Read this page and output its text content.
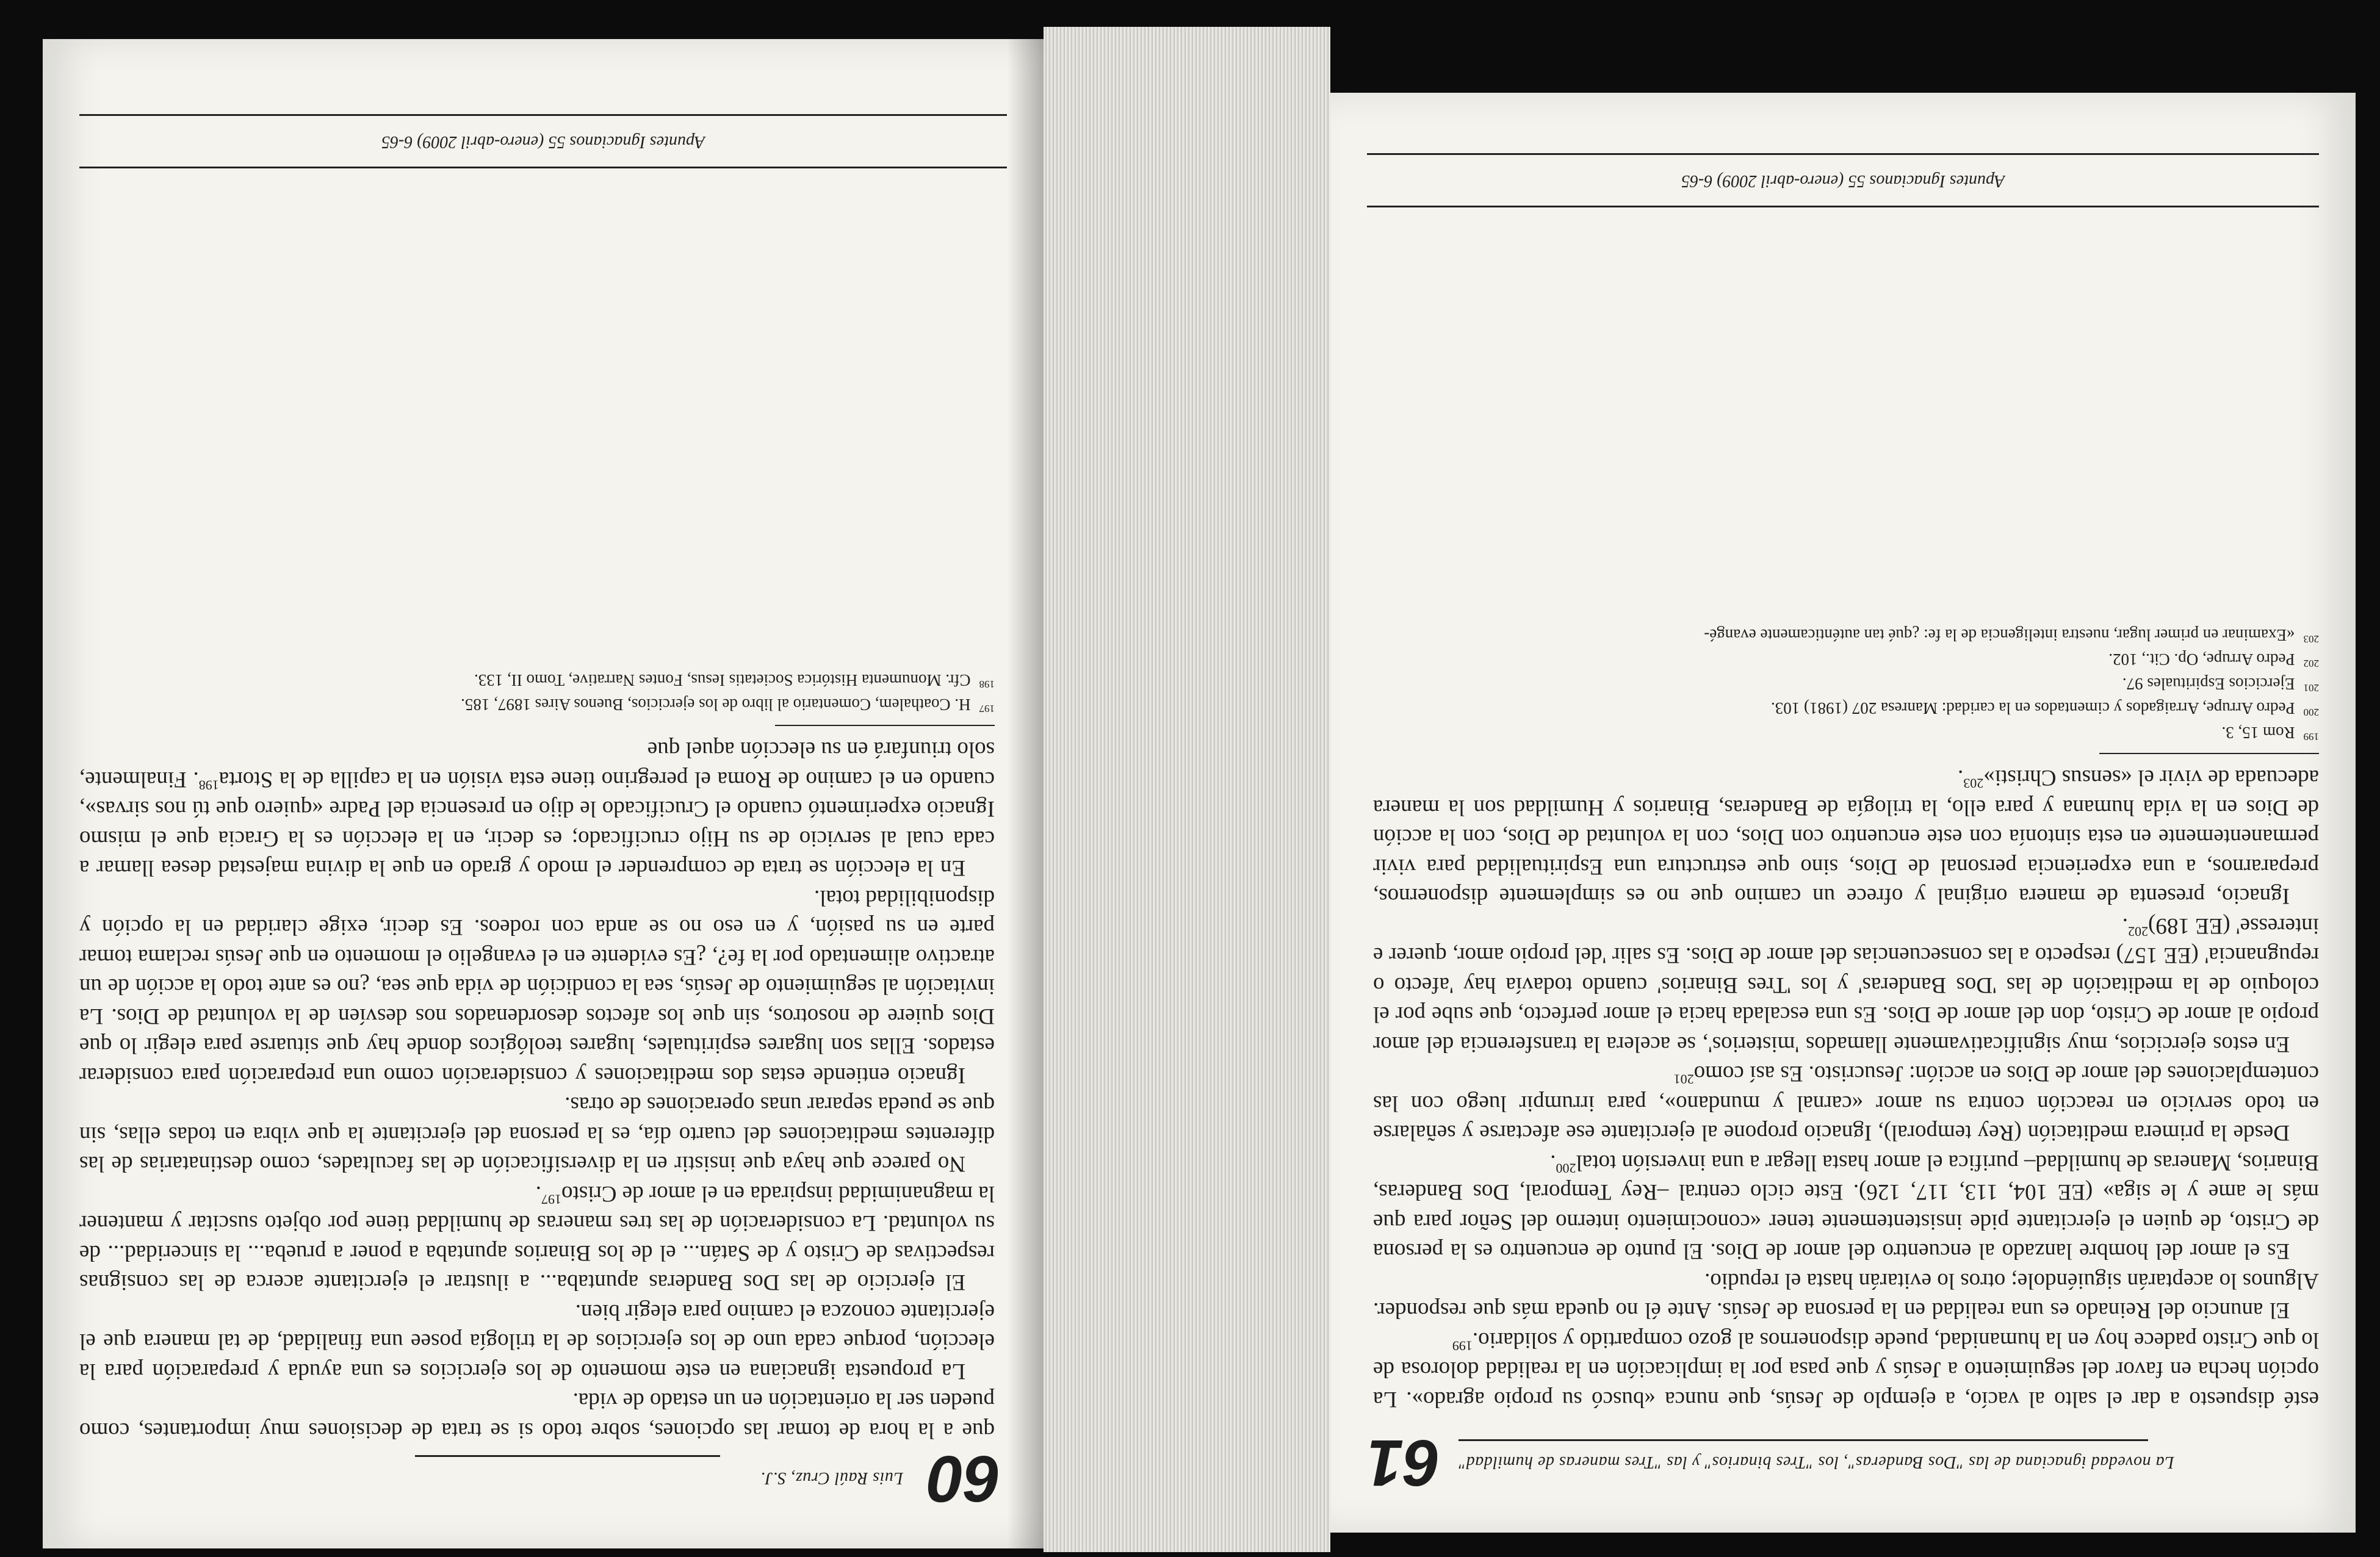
60
Luis Raúl Cruz, S.J.

que a la hora de tomar las opciones, sobre todo si se trata de decisiones muy importantes, como pueden ser la orientación en un estado de vida.

La propuesta ignaciana en este momento de los ejercicios es una ayuda y preparación para la elección, porque cada uno de los ejercicios de la trilogía posee una finalidad, de tal manera que el ejercitante conozca el camino para elegir bien.

El ejercicio de las Dos Banderas apuntaba... a ilustrar el ejercitante acerca de las consignas respectivas de Cristo y de Satán... el de los Binarios apuntaba a poner a prueba... la sinceridad... de su voluntad. La consideración de las tres maneras de humildad tiene por objeto suscitar y mantener la magnanimidad inspirada en el amor de Cristo$^{197}$.

No parece que haya que insistir en la diversificación de las facultades, como destinatarias de las diferentes meditaciones del cuarto día, es la persona del ejercitante la que vibra en todas ellas, sin que se pueda separar unas operaciones de otras.

Ignacio entiende estas dos meditaciones y consideración como una preparación para considerar estados. Ellas son lugares espirituales, lugares teológicos donde hay que situarse para elegir lo que Dios quiere de nosotros, sin que los afectos desordenados nos desvíen de la voluntad de Dios. La invitación al seguimiento de Jesús, sea la condición de vida que sea, ¿no es ante todo la acción de un atractivo alimentado por la fe?, ¿Es evidente en el evangelio el momento en que Jesús reclama tomar parte en su pasión, y en eso no se anda con rodeos. Es decir, exige claridad en la opción y disponibilidad total.

En la elección se trata de comprender el modo y grado en que la divina majestad desea llamar a cada cual al servicio de su Hijo crucificado; es decir, en la elección es la Gracia que el mismo Ignacio experimentó cuando el Crucificado le dijo en presencia del Padre «quiero que tú nos sirvas», cuando en el camino de Roma el peregrino tiene esta visión en la capilla de la Storta$^{198}$. Finalmente, solo triunfará en su elección aquel que

$^{197}$H. Coathalem, Comentario al libro de los ejercicios, Buenos Aires 1897, 185.

$^{198}$Cfr. Monumenta Histórica Societatis Iesus, Fontes Narrative, Tomo II, 133.

Apuntes Ignacianos 55 (enero-abril 2009) 6-65
La novedad ignaciana de las "Dos Banderas", los "Tres binarios" y las "Tres maneras de humildad"
61

esté dispuesto a dar el salto al vacío, a ejemplo de Jesús, que nunca «buscó su propio agrado». La opción hecha en favor del seguimiento a Jesús y que pasa por la implicación en la realidad dolorosa de lo que Cristo padece hoy en la humanidad, puede disponernos al gozo compartido y solidario.$^{199}$

El anuncio del Reinado es una realidad en la persona de Jesús. Ante él no queda más que responder. Algunos lo aceptarán siguiéndole; otros lo evitarán hasta el repudio.

Es el amor del hombre lanzado al encuentro del amor de Dios. El punto de encuentro es la persona de Cristo, de quien el ejercitante pide insistentemente tener «conocimiento interno del Señor para que más le ame y le siga» (EE 104, 113, 117, 126). Este ciclo central –Rey Temporal, Dos Banderas, Binarios, Maneras de humildad– purifica el amor hasta llegar a una inversión total$^{200}$.

Desde la primera meditación (Rey temporal), Ignacio propone al ejercitante ese afectarse y señalarse en todo servicio en reacción contra su amor «carnal y mundano», para irrumpir luego con las contemplaciones del amor de Dios en acción: Jesucristo. Es así como$^{201}$

En estos ejercicios, muy significativamente llamados 'misterios', se acelera la transferencia del amor propio al amor de Cristo, don del amor de Dios. Es una escalada hacia el amor perfecto, que sube por el coloquio de la meditación de las 'Dos Banderas' y los 'Tres Binarios' cuando todavía hay 'afecto o repugnancia' (EE 157) respecto a las consecuencias del amor de Dios. Es salir 'del propio amor, querer e interesse' (EE 189)$^{202}$.

Ignacio, presenta de manera original y ofrece un camino que no es simplemente disponernos, prepararnos, a una experiencia personal de Dios, sino que estructura una Espiritualidad para vivir permanentemente en esta sintonía con este encuentro con Dios, con la voluntad de Dios, con la acción de Dios en la vida humana y para ello, la trilogía de Banderas, Binarios y Humildad son la manera adecuada de vivir el «sensus Christi»$^{203}$.

$^{199}$Rom 15, 3.

$^{200}$Pedro Arrupe, Arraigados y cimentados en la caridad: Manresa 207 (1981) 103.

$^{201}$Ejercicios Espirituales 97.

$^{202}$Pedro Arrupe, Op. Cit., 102.

$^{203}$«Examinar en primer lugar, nuestra inteligencia de la fe: ¿qué tan auténticamente evangé-

Apuntes Ignacianos 55 (enero-abril 2009) 6-65
